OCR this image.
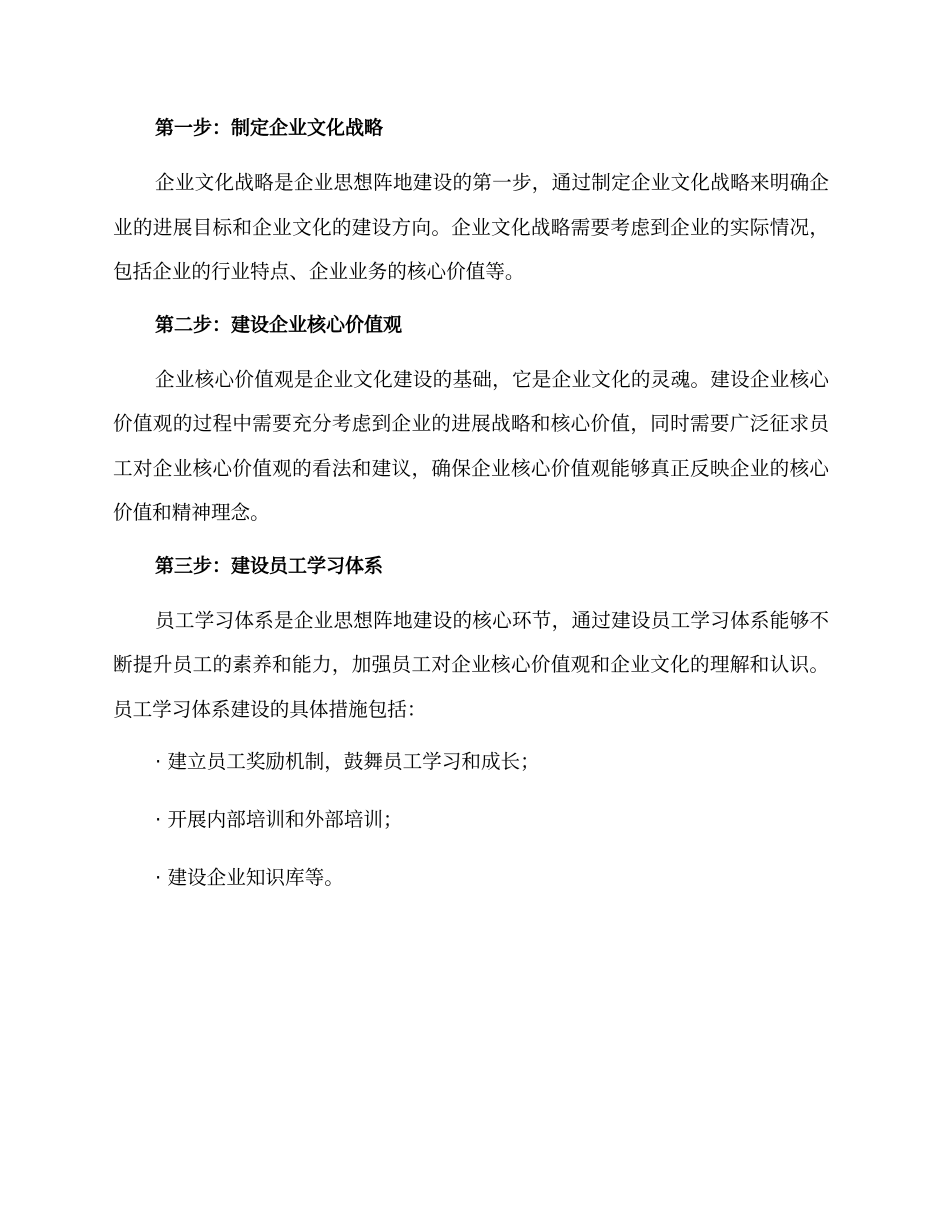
第一步：制定企业文化战略

企业文化战略是企业思想阵地建设的第一步，通过制定企业文化战略来明确企业的进展目标和企业文化的建设方向。企业文化战略需要考虑到企业的实际情况，包括企业的行业特点、企业业务的核心价值等。

第二步：建设企业核心价值观

企业核心价值观是企业文化建设的基础，它是企业文化的灵魂。建设企业核心价值观的过程中需要充分考虑到企业的进展战略和核心价值，同时需要广泛征求员工对企业核心价值观的看法和建议，确保企业核心价值观能够真正反映企业的核心价值和精神理念。

第三步：建设员工学习体系

员工学习体系是企业思想阵地建设的核心环节，通过建设员工学习体系能够不断提升员工的素养和能力，加强员工对企业核心价值观和企业文化的理解和认识。员工学习体系建设的具体措施包括：

· 建立员工奖励机制，鼓舞员工学习和成长；
· 开展内部培训和外部培训；
· 建设企业知识库等。
